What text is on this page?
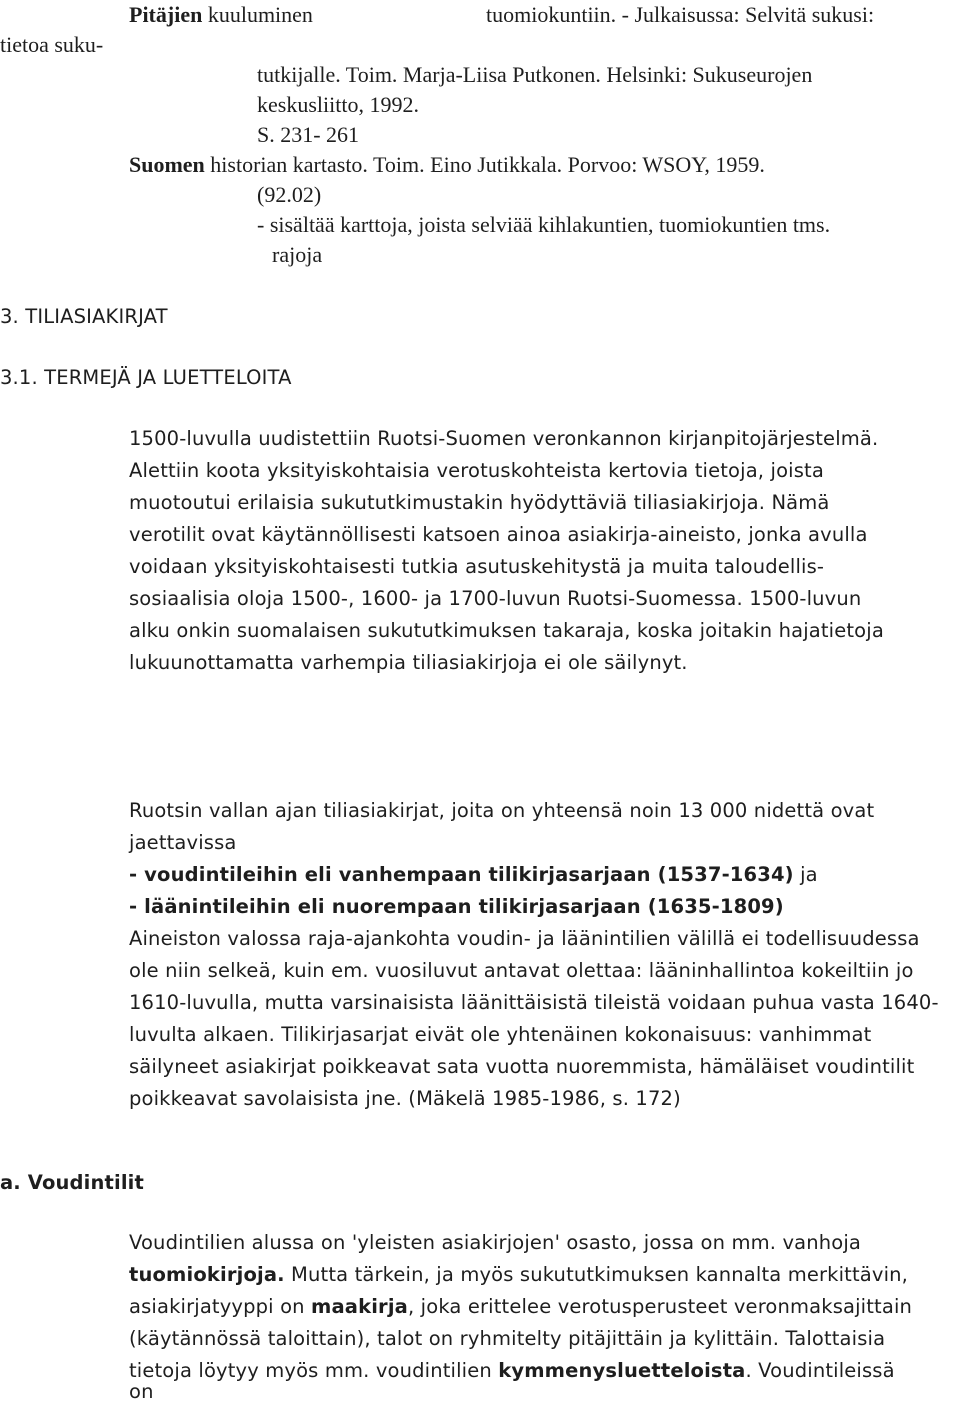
Pitäjien kuuluminen	tuomiokuntiin. - Julkaisussa: Selvitä sukusi:
tietoa suku-
tutkijalle. Toim. Marja-Liisa Putkonen. Helsinki: Sukuseurojen
keskusliitto, 1992.
S. 231- 261
Suomen historian kartasto. Toim. Eino Jutikkala. Porvoo: WSOY, 1959.
(92.02)
- sisältää karttoja, joista selviää kihlakuntien, tuomiokuntien tms.
rajoja
3. TILIASIAKIRJAT
3.1. TERMEJÄ JA LUETTELOITA
1500-luvulla uudistettiin Ruotsi-Suomen veronkannon kirjanpitojärjestelmä.
Alettiin koota yksityiskohtaisia verotuskohteista kertovia tietoja, joista
muotoutui erilaisia sukututkimustakin hyödyttäviä tiliasiakirjoja. Nämä
verotilit ovat käytännöllisesti katsoen ainoa asiakirja-aineisto, jonka avulla
voidaan yksityiskohtaisesti tutkia asutuskehitystä ja muita taloudellis-
sosiaalisia oloja 1500-, 1600- ja 1700-luvun Ruotsi-Suomessa. 1500-luvun
alku onkin suomalaisen sukututkimuksen takaraja, koska joitakin hajatietoja
lukuunottamatta varhempia tiliasiakirjoja ei ole säilynyt.
Ruotsin vallan ajan tiliasiakirjat, joita on yhteensä noin 13 000 nidettä ovat
jaettavissa
- voudintileihin eli vanhempaan tilikirjasarjaan (1537-1634) ja
- läänintileihin eli nuorempaan tilikirjasarjaan (1635-1809)
Aineiston valossa raja-ajankohta voudin- ja läänintilien välillä ei todellisuudessa
ole niin selkeä, kuin em. vuosiluvut antavat olettaa: lääninhallintoa kokeiltiin jo
1610-luvulla, mutta varsinaisista läänittäisistä tileistä voidaan puhua vasta 1640-
luvulta alkaen. Tilikirjasarjat eivät ole yhtenäinen kokonaisuus: vanhimmat
säilyneet asiakirjat poikkeavat sata vuotta nuoremmista, hämäläiset voudintilit
poikkeavat savolaisista jne. (Mäkelä 1985-1986, s. 172)
a. Voudintilit
Voudintilien alussa on 'yleisten asiakirjojen' osasto, jossa on mm. vanhoja
tuomiokirjoja. Mutta tärkein, ja myös sukututkimuksen kannalta merkittävin,
asiakirjatyyppi on maakirja, joka erittelee verotusperusteet veronmaksajittain
(käytännössä taloittain), talot on ryhmitelty pitäjittäin ja kylittäin. Talottaisia
tietoja löytyy myös mm. voudintilien kymmenysluetteloista. Voudintileissä
on
